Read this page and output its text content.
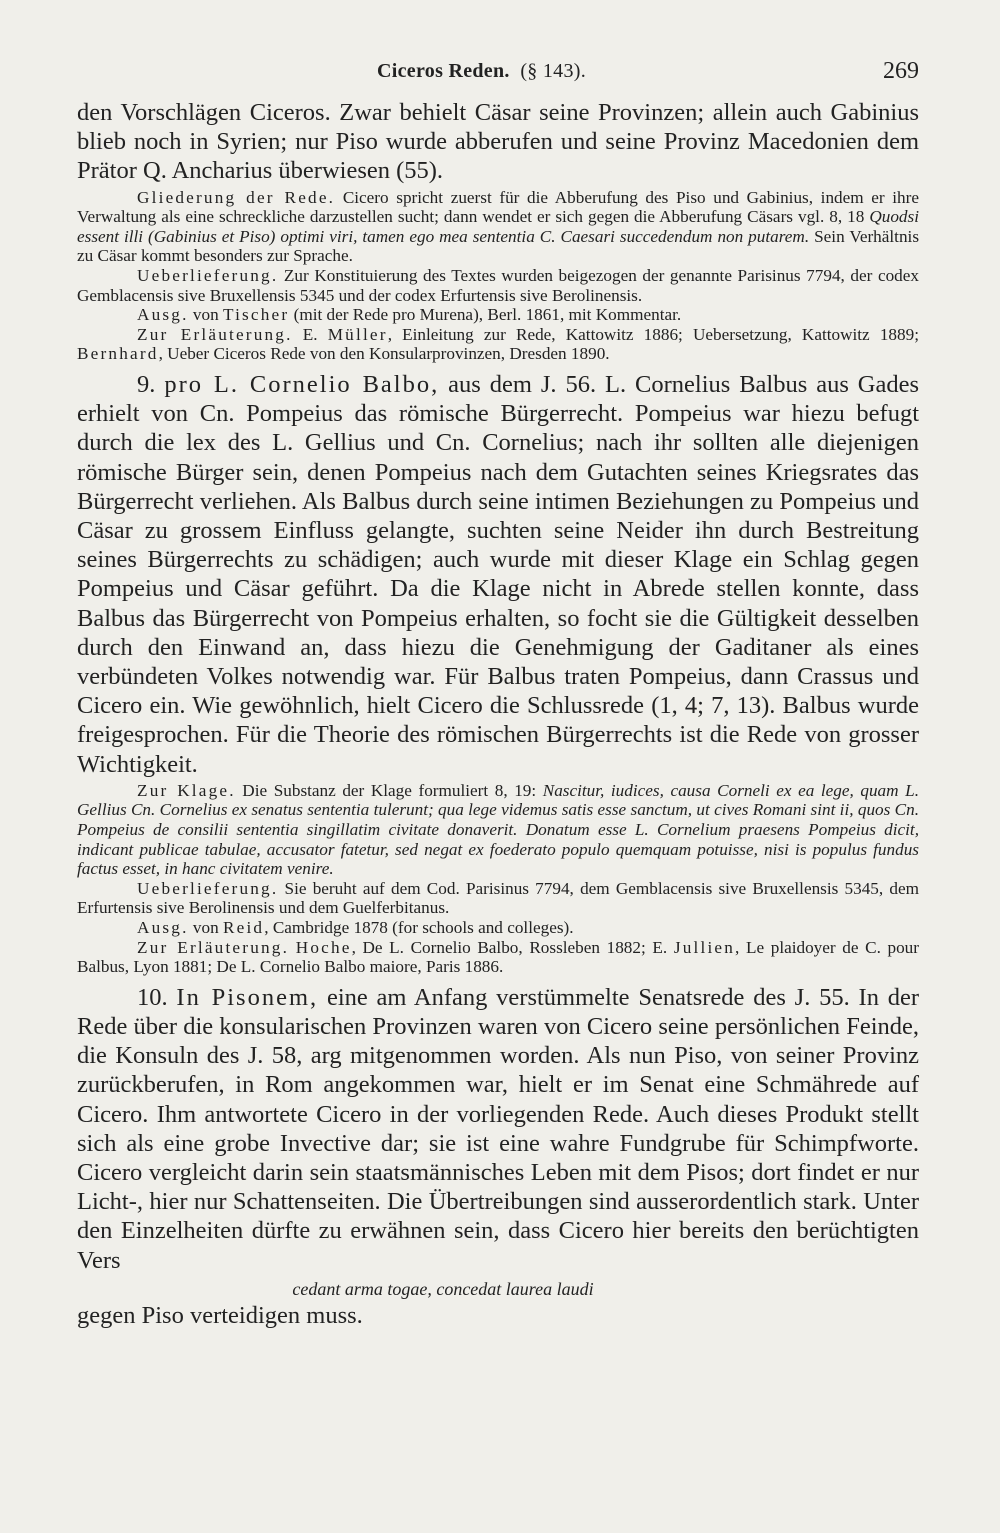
Ciceros Reden. (§ 143).	269

den Vorschlägen Ciceros. Zwar behielt Cäsar seine Provinzen; allein auch Gabinius blieb noch in Syrien; nur Piso wurde abberufen und seine Provinz Macedonien dem Prätor Q. Ancharius überwiesen (55).

Gliederung der Rede. Cicero spricht zuerst für die Abberufung des Piso und Gabinius, indem er ihre Verwaltung als eine schreckliche darzustellen sucht; dann wendet er sich gegen die Abberufung Cäsars vgl. 8, 18 Quodsi essent illi (Gabinius et Piso) optimi viri, tamen ego mea sententia C. Caesari succedendum non putarem. Sein Verhältnis zu Cäsar kommt besonders zur Sprache.

Ueberlieferung. Zur Konstituierung des Textes wurden beigezogen der genannte Parisinus 7794, der codex Gemblacensis sive Bruxellensis 5345 und der codex Erfurtensis sive Berolinensis.

Ausg. von Tischer (mit der Rede pro Murena), Berl. 1861, mit Kommentar.

Zur Erläuterung. E. Müller, Einleitung zur Rede, Kattowitz 1886; Uebersetzung, Kattowitz 1889; Bernhard, Ueber Ciceros Rede von den Konsularprovinzen, Dresden 1890.

9. pro L. Cornelio Balbo, aus dem J. 56. L. Cornelius Balbus aus Gades erhielt von Cn. Pompeius das römische Bürgerrecht. Pompeius war hiezu befugt durch die lex des L. Gellius und Cn. Cornelius; nach ihr sollten alle diejenigen römische Bürger sein, denen Pompeius nach dem Gutachten seines Kriegsrates das Bürgerrecht verliehen. Als Balbus durch seine intimen Beziehungen zu Pompeius und Cäsar zu grossem Einfluss gelangte, suchten seine Neider ihn durch Bestreitung seines Bürgerrechts zu schädigen; auch wurde mit dieser Klage ein Schlag gegen Pompeius und Cäsar geführt. Da die Klage nicht in Abrede stellen konnte, dass Balbus das Bürgerrecht von Pompeius erhalten, so focht sie die Gültigkeit desselben durch den Einwand an, dass hiezu die Genehmigung der Gaditaner als eines verbündeten Volkes notwendig war. Für Balbus traten Pompeius, dann Crassus und Cicero ein. Wie gewöhnlich, hielt Cicero die Schlussrede (1, 4; 7, 13). Balbus wurde freigesprochen. Für die Theorie des römischen Bürgerrechts ist die Rede von grosser Wichtigkeit.

Zur Klage. Die Substanz der Klage formuliert 8, 19: Nascitur, iudices, causa Corneli ex ea lege, quam L. Gellius Cn. Cornelius ex senatus sententia tulerunt; qua lege videmus satis esse sanctum, ut cives Romani sint ii, quos Cn. Pompeius de consilii sententia singillatim civitate donaverit. Donatum esse L. Cornelium praesens Pompeius dicit, indicant publicae tabulae, accusator fatetur, sed negat ex foederato populo quemquam potuisse, nisi is populus fundus factus esset, in hanc civitatem venire.

Ueberlieferung. Sie beruht auf dem Cod. Parisinus 7794, dem Gemblacensis sive Bruxellensis 5345, dem Erfurtensis sive Berolinensis und dem Guelferbitanus.

Ausg. von Reid, Cambridge 1878 (for schools and colleges).

Zur Erläuterung. Hoche, De L. Cornelio Balbo, Rossleben 1882; E. Jullien, Le plaidoyer de C. pour Balbus, Lyon 1881; De L. Cornelio Balbo maiore, Paris 1886.

10. In Pisonem, eine am Anfang verstümmelte Senatsrede des J. 55. In der Rede über die konsularischen Provinzen waren von Cicero seine persönlichen Feinde, die Konsuln des J. 58, arg mitgenommen worden. Als nun Piso, von seiner Provinz zurückberufen, in Rom angekommen war, hielt er im Senat eine Schmährede auf Cicero. Ihm antwortete Cicero in der vorliegenden Rede. Auch dieses Produkt stellt sich als eine grobe Invective dar; sie ist eine wahre Fundgrube für Schimpfworte. Cicero vergleicht darin sein staatsmännisches Leben mit dem Pisos; dort findet er nur Licht-, hier nur Schattenseiten. Die Übertreibungen sind ausserordentlich stark. Unter den Einzelheiten dürfte zu erwähnen sein, dass Cicero hier bereits den berüchtigten Vers

cedant arma togae, concedat laurea laudi

gegen Piso verteidigen muss.
